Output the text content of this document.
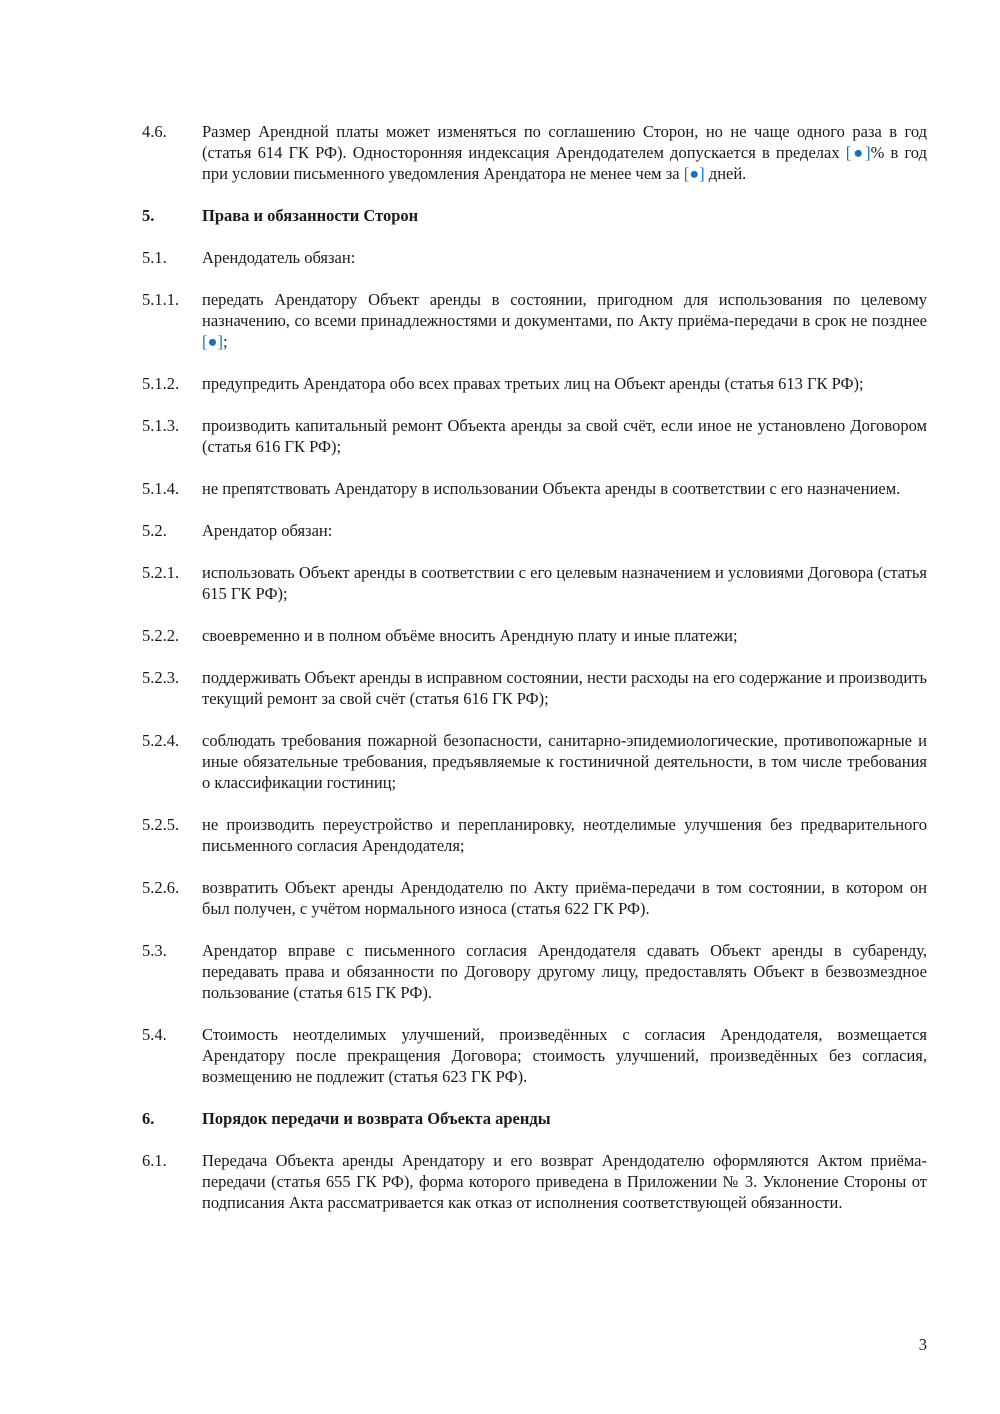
4.6.	Размер Арендной платы может изменяться по соглашению Сторон, но не чаще одного раза в год (статья 614 ГК РФ). Односторонняя индексация Арендодателем допускается в пределах [●]% в год при условии письменного уведомления Арендатора не менее чем за [●] дней.
5.	Права и обязанности Сторон
5.1.	Арендодатель обязан:
5.1.1.	передать Арендатору Объект аренды в состоянии, пригодном для использования по целевому назначению, со всеми принадлежностями и документами, по Акту приёма-передачи в срок не позднее [●];
5.1.2.	предупредить Арендатора обо всех правах третьих лиц на Объект аренды (статья 613 ГК РФ);
5.1.3.	производить капитальный ремонт Объекта аренды за свой счёт, если иное не установлено Договором (статья 616 ГК РФ);
5.1.4.	не препятствовать Арендатору в использовании Объекта аренды в соответствии с его назначением.
5.2.	Арендатор обязан:
5.2.1.	использовать Объект аренды в соответствии с его целевым назначением и условиями Договора (статья 615 ГК РФ);
5.2.2.	своевременно и в полном объёме вносить Арендную плату и иные платежи;
5.2.3.	поддерживать Объект аренды в исправном состоянии, нести расходы на его содержание и производить текущий ремонт за свой счёт (статья 616 ГК РФ);
5.2.4.	соблюдать требования пожарной безопасности, санитарно-эпидемиологические, противопожарные и иные обязательные требования, предъявляемые к гостиничной деятельности, в том числе требования о классификации гостиниц;
5.2.5.	не производить переустройство и перепланировку, неотделимые улучшения без предварительного письменного согласия Арендодателя;
5.2.6.	возвратить Объект аренды Арендодателю по Акту приёма-передачи в том состоянии, в котором он был получен, с учётом нормального износа (статья 622 ГК РФ).
5.3.	Арендатор вправе с письменного согласия Арендодателя сдавать Объект аренды в субаренду, передавать права и обязанности по Договору другому лицу, предоставлять Объект в безвозмездное пользование (статья 615 ГК РФ).
5.4.	Стоимость неотделимых улучшений, произведённых с согласия Арендодателя, возмещается Арендатору после прекращения Договора; стоимость улучшений, произведённых без согласия, возмещению не подлежит (статья 623 ГК РФ).
6.	Порядок передачи и возврата Объекта аренды
6.1.	Передача Объекта аренды Арендатору и его возврат Арендодателю оформляются Актом приёма-передачи (статья 655 ГК РФ), форма которого приведена в Приложении № 3. Уклонение Стороны от подписания Акта рассматривается как отказ от исполнения соответствующей обязанности.
3
